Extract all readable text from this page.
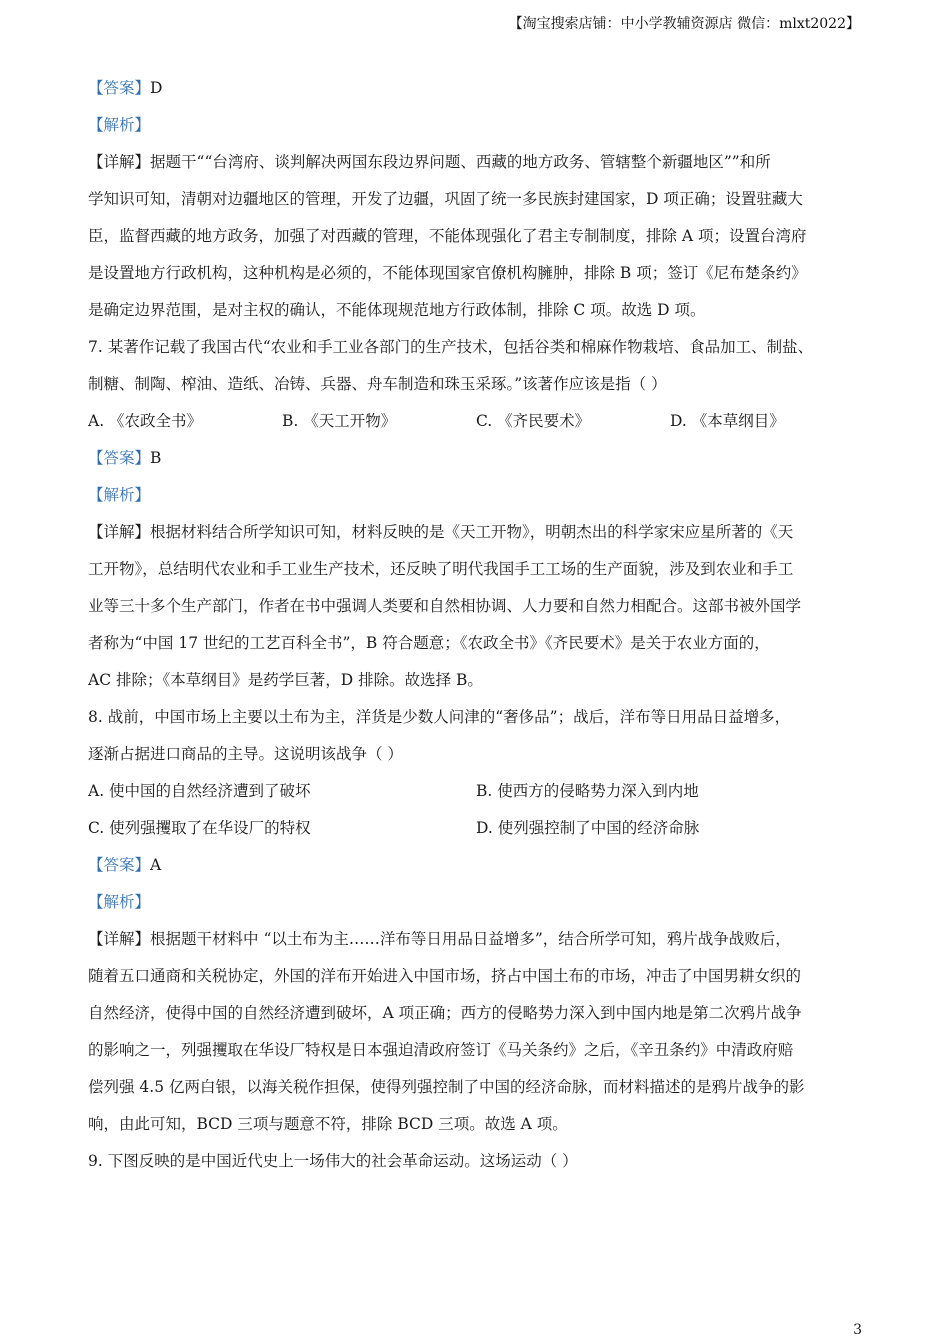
【淘宝搜索店铺：中小学教辅资源店 微信：mlxt2022】
【答案】D
【解析】
【详解】据题干““台湾府、谈判解决两国东段边界问题、西藏的地方政务、管辖整个新疆地区””和所
学知识可知，清朝对边疆地区的管理，开发了边疆，巩固了统一多民族封建国家，D 项正确；设置驻藏大
臣，监督西藏的地方政务，加强了对西藏的管理，不能体现强化了君主专制制度，排除 A 项；设置台湾府
是设置地方行政机构，这种机构是必须的，不能体现国家官僚机构臃肿，排除 B 项；签订《尼布楚条约》
是确定边界范围，是对主权的确认，不能体现规范地方行政体制，排除 C 项。故选 D 项。
7. 某著作记载了我国古代“农业和手工业各部门的生产技术，包括谷类和棉麻作物栽培、食品加工、制盐、
制糖、制陶、榨油、造纸、冶铸、兵器、舟车制造和珠玉采琢。”该著作应该是指（ ）
A. 《农政全书》	B. 《天工开物》	C. 《齐民要术》	D. 《本草纲目》
【答案】B
【解析】
【详解】根据材料结合所学知识可知，材料反映的是《天工开物》，明朝杰出的科学家宋应星所著的《天
工开物》，总结明代农业和手工业生产技术，还反映了明代我国手工工场的生产面貌，涉及到农业和手工
业等三十多个生产部门，作者在书中强调人类要和自然相协调、人力要和自然力相配合。这部书被外国学
者称为“中国 17 世纪的工艺百科全书”，B 符合题意；《农政全书》《齐民要术》是关于农业方面的，
AC 排除；《本草纲目》是药学巨著，D 排除。故选择 B。
8. 战前，中国市场上主要以土布为主，洋货是少数人问津的“奢侈品”；战后，洋布等日用品日益增多，
逐渐占据进口商品的主导。这说明该战争（ ）
A. 使中国的自然经济遭到了破坏	B. 使西方的侵略势力深入到内地
C. 使列强攫取了在华设厂的特权	D. 使列强控制了中国的经济命脉
【答案】A
【解析】
【详解】根据题干材料中 “以土布为主……洋布等日用品日益增多”，结合所学可知，鸦片战争战败后，
随着五口通商和关税协定，外国的洋布开始进入中国市场，挤占中国土布的市场，冲击了中国男耕女织的
自然经济，使得中国的自然经济遭到破坏，A 项正确；西方的侵略势力深入到中国内地是第二次鸦片战争
的影响之一，列强攫取在华设厂特权是日本强迫清政府签订《马关条约》之后，《辛丑条约》中清政府赔
偿列强 4.5 亿两白银，以海关税作担保，使得列强控制了中国的经济命脉，而材料描述的是鸦片战争的影
响，由此可知，BCD 三项与题意不符，排除 BCD 三项。故选 A 项。
9. 下图反映的是中国近代史上一场伟大的社会革命运动。这场运动（ ）
3
